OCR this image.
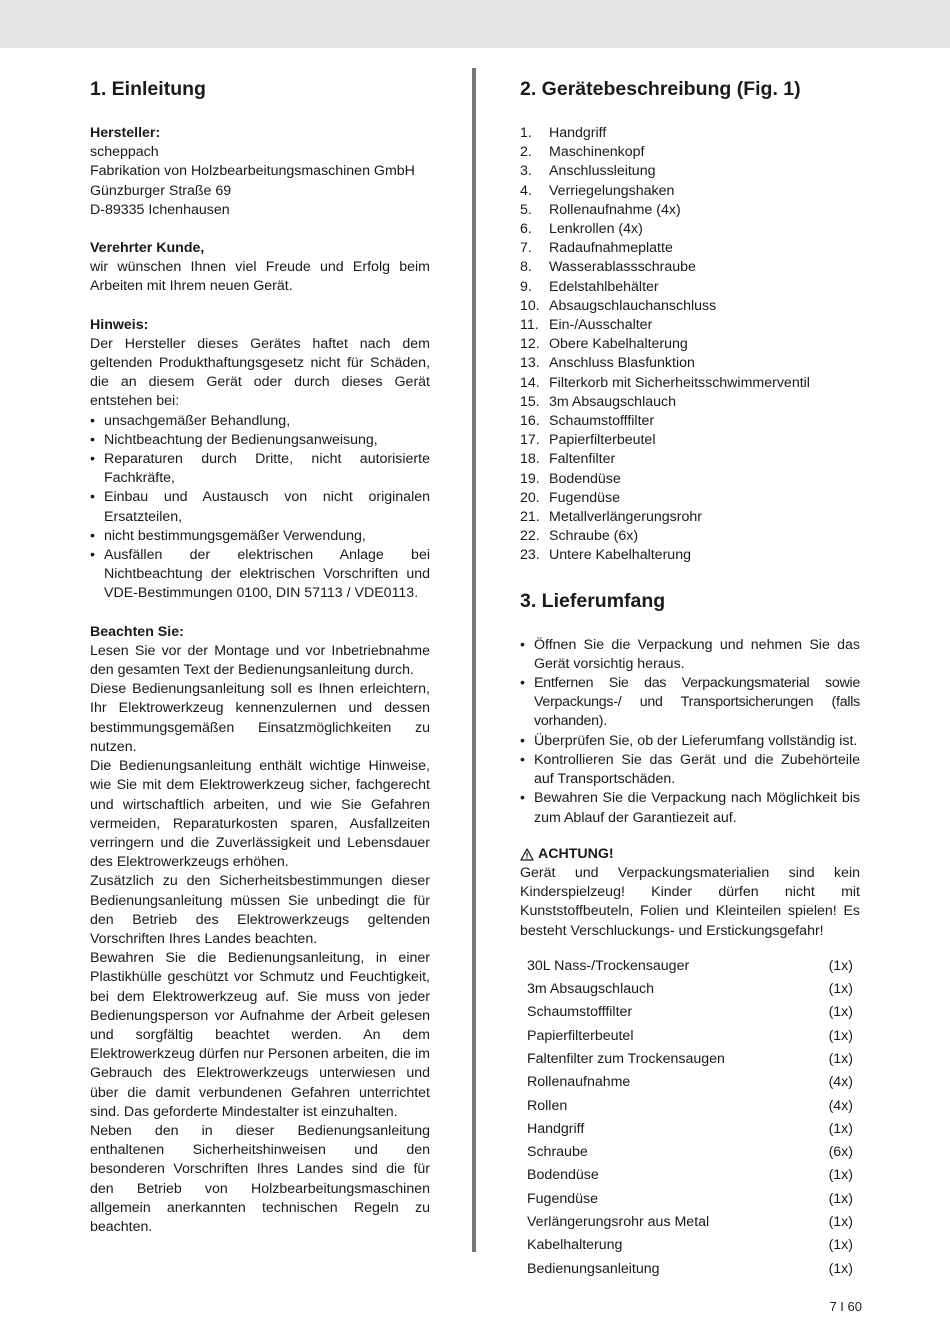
1. Einleitung
Hersteller:
scheppach
Fabrikation von Holzbearbeitungsmaschinen GmbH
Günzburger Straße 69
D-89335 Ichenhausen
Verehrter Kunde,

wir wünschen Ihnen viel Freude und Erfolg beim Arbeiten mit Ihrem neuen Gerät.

Hinweis:

Der Hersteller dieses Gerätes haftet nach dem geltenden Produkthaftungsgesetz nicht für Schäden, die an diesem Gerät oder durch dieses Gerät entstehen bei:

• unsachgemäßer Behandlung,
• Nichtbeachtung der Bedienungsanweisung,
• Reparaturen durch Dritte, nicht autorisierte Fachkräfte,
• Einbau und Austausch von nicht originalen Ersatzteilen,
• nicht bestimmungsgemäßer Verwendung,
• Ausfällen der elektrischen Anlage bei Nichtbeachtung der elektrischen Vorschriften und VDE-Bestimmungen 0100, DIN 57113 / VDE0113.
Beachten Sie:

Lesen Sie vor der Montage und vor Inbetriebnahme den gesamten Text der Bedienungsanleitung durch.

Diese Bedienungsanleitung soll es Ihnen erleichtern, Ihr Elektrowerkzeug kennenzulernen und dessen bestimmungsgemäßen Einsatzmöglichkeiten zu nutzen.

Die Bedienungsanleitung enthält wichtige Hinweise, wie Sie mit dem Elektrowerkzeug sicher, fachgerecht und wirtschaftlich arbeiten, und wie Sie Gefahren vermeiden, Reparaturkosten sparen, Ausfallzeiten verringern und die Zuverlässigkeit und Lebensdauer des Elektrowerkzeugs erhöhen.

Zusätzlich zu den Sicherheitsbestimmungen dieser Bedienungsanleitung müssen Sie unbedingt die für den Betrieb des Elektrowerkzeugs geltenden Vorschriften Ihres Landes beachten.

Bewahren Sie die Bedienungsanleitung, in einer Plastikhülle geschützt vor Schmutz und Feuchtigkeit, bei dem Elektrowerkzeug auf. Sie muss von jeder Bedienungsperson vor Aufnahme der Arbeit gelesen und sorgfältig beachtet werden. An dem Elektrowerkzeug dürfen nur Personen arbeiten, die im Gebrauch des Elektrowerkzeugs unterwiesen und über die damit verbundenen Gefahren unterrichtet sind. Das geforderte Mindestalter ist einzuhalten.

Neben den in dieser Bedienungsanleitung enthaltenen Sicherheitshinweisen und den besonderen Vorschriften Ihres Landes sind die für den Betrieb von Holzbearbeitungsmaschinen allgemein anerkannten technischen Regeln zu beachten.

2. Gerätebeschreibung (Fig. 1)
1.	Handgriff
2.	Maschinenkopf
3.	Anschlussleitung
4.	Verriegelungshaken
5.	Rollenaufnahme (4x)
6.	Lenkrollen (4x)
7.	Radaufnahmeplatte
8.	Wasserablassschraube
9.	Edelstahlbehälter
10. Absaugschlauchanschluss
11. Ein-/Ausschalter
12. Obere Kabelhalterung
13. Anschluss Blasfunktion
14. Filterkorb mit Sicherheitsschwimmerventil
15. 3m Absaugschlauch
16. Schaumstofffilter
17. Papierfilterbeutel
18. Faltenfilter
19. Bodendüse
20. Fugendüse
21. Metallverlängerungsrohr
22. Schraube (6x)
23. Untere Kabelhalterung
3. Lieferumfang
• Öffnen Sie die Verpackung und nehmen Sie das Gerät vorsichtig heraus.
• Entfernen Sie das Verpackungsmaterial sowie Verpackungs-/ und Transportsicherungen (falls vorhanden).
• Überprüfen Sie, ob der Lieferumfang vollständig ist.
• Kontrollieren Sie das Gerät und die Zubehörteile auf Transportschäden.
• Bewahren Sie die Verpackung nach Möglichkeit bis zum Ablauf der Garantiezeit auf.
ACHTUNG!

Gerät und Verpackungsmaterialien sind kein Kinderspielzeug! Kinder dürfen nicht mit Kunststoffbeuteln, Folien und Kleinteilen spielen! Es besteht Verschluckungs- und Erstickungsgefahr!

30L Nass-/Trockensauger	(1x)
3m Absaugschlauch	(1x)
Schaumstofffilter	(1x)
Papierfilterbeutel	(1x)
Faltenfilter zum Trockensaugen	(1x)
Rollenaufnahme	(4x)
Rollen	(4x)
Handgriff	(1x)
Schraube	(6x)
Bodendüse	(1x)
Fugendüse	(1x)
Verlängerungsrohr aus Metal	(1x)
Kabelhalterung	(1x)
Bedienungsanleitung	(1x)
7 I 60
